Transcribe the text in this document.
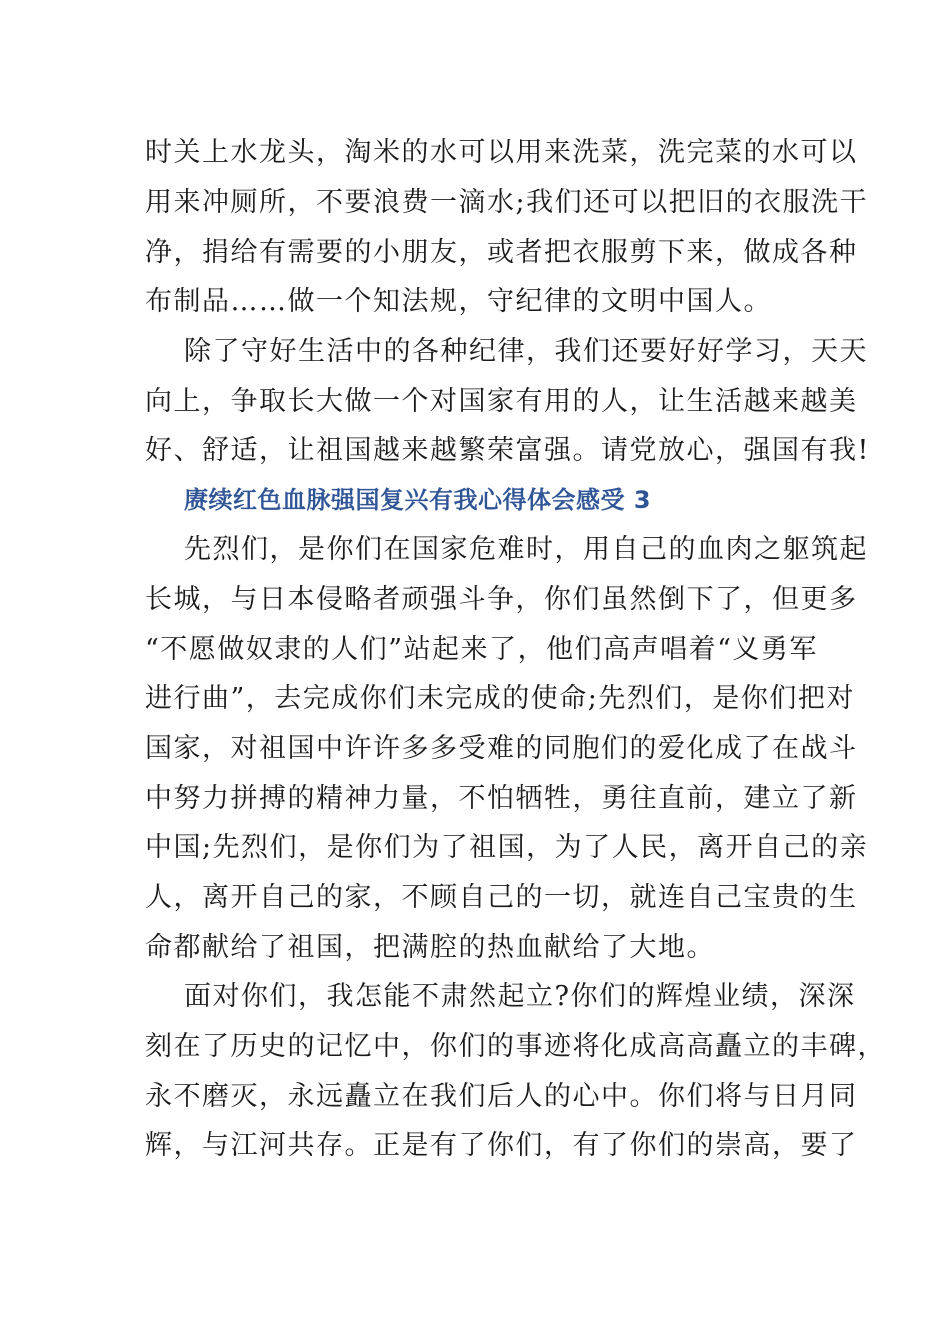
时关上水龙头，淘米的水可以用来洗菜，洗完菜的水可以
用来冲厕所，不要浪费一滴水;我们还可以把旧的衣服洗干
净，捐给有需要的小朋友，或者把衣服剪下来，做成各种
布制品……做一个知法规，守纪律的文明中国人。
除了守好生活中的各种纪律，我们还要好好学习，天天
向上，争取长大做一个对国家有用的人，让生活越来越美
好、舒适，让祖国越来越繁荣富强。请党放心，强国有我!
赓续红色血脉强国复兴有我心得体会感受 3
先烈们，是你们在国家危难时，用自己的血肉之躯筑起
长城，与日本侵略者顽强斗争，你们虽然倒下了，但更多
“不愿做奴隶的人们”站起来了，他们高声唱着“义勇军
进行曲”，去完成你们未完成的使命;先烈们，是你们把对
国家，对祖国中许许多多受难的同胞们的爱化成了在战斗
中努力拼搏的精神力量，不怕牺牲，勇往直前，建立了新
中国;先烈们，是你们为了祖国，为了人民，离开自己的亲
人，离开自己的家，不顾自己的一切，就连自己宝贵的生
命都献给了祖国，把满腔的热血献给了大地。
面对你们，我怎能不肃然起立?你们的辉煌业绩，深深
刻在了历史的记忆中，你们的事迹将化成高高矗立的丰碑，
永不磨灭，永远矗立在我们后人的心中。你们将与日月同
辉，与江河共存。正是有了你们，有了你们的崇高，要了
